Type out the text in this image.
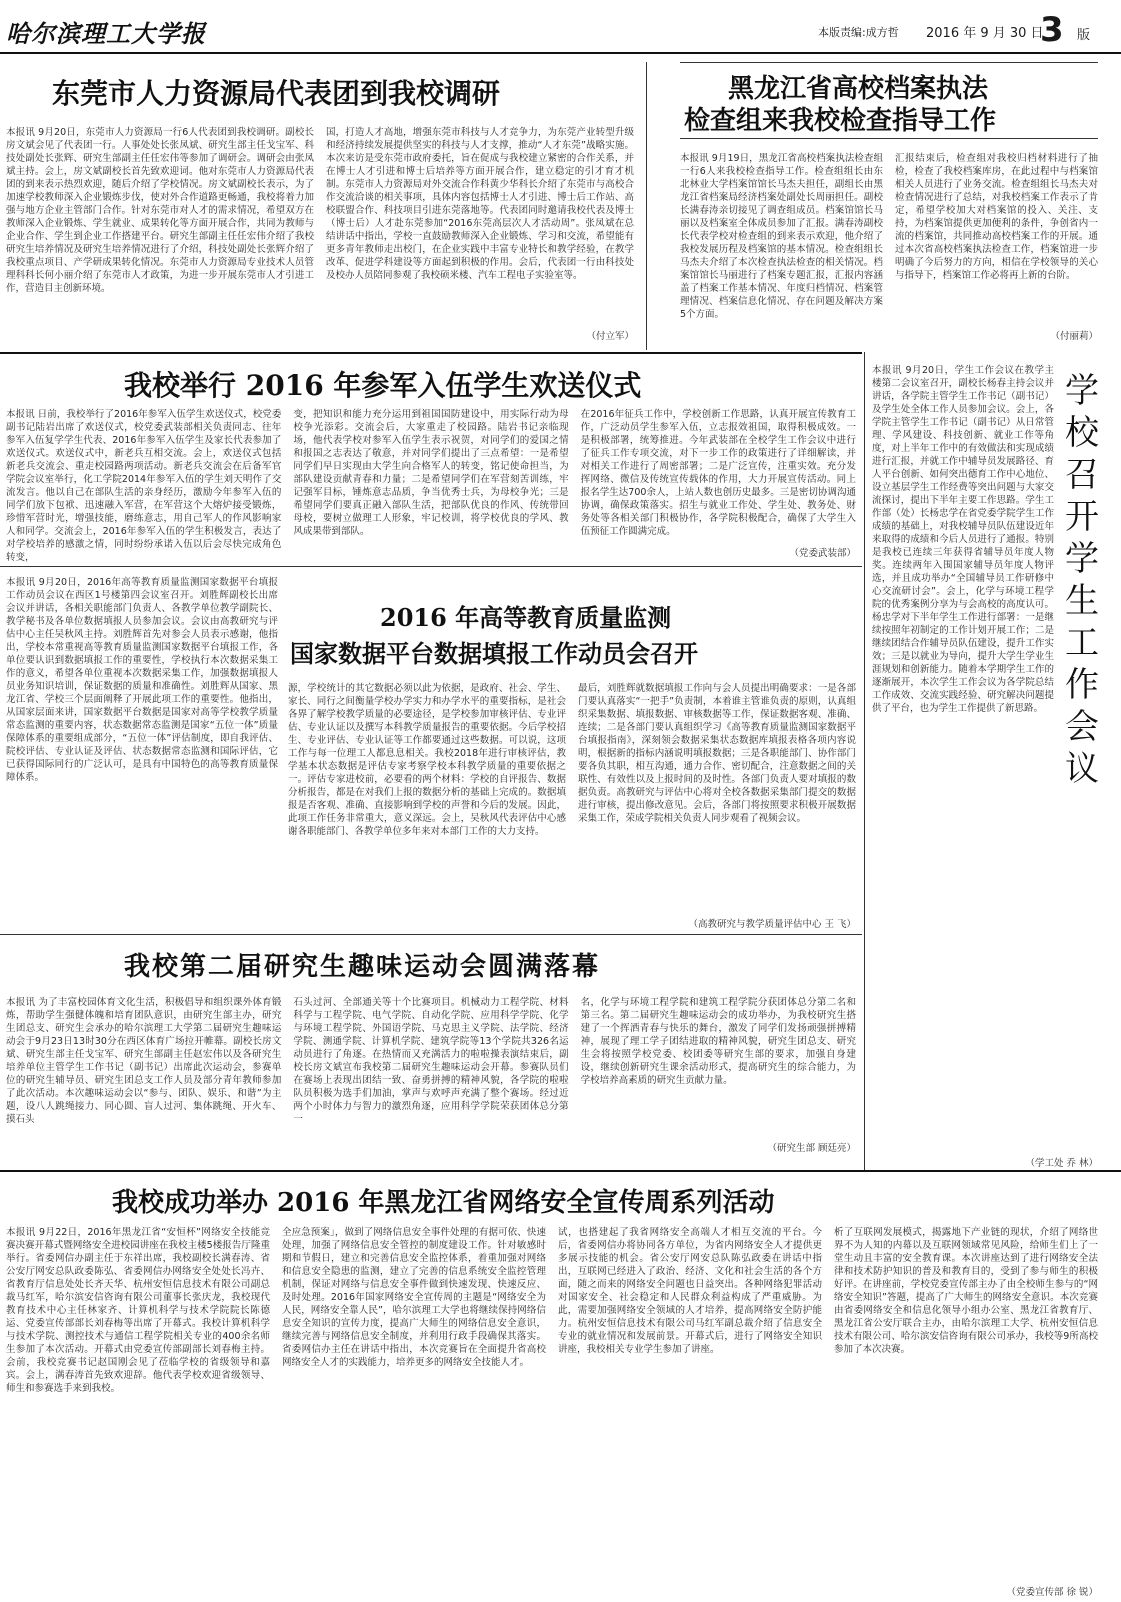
哈尔滨理工大学报	本版责编:成方哲 2016 年 9 月 30 日
3 版
东莞市人力资源局代表团到我校调研
本报讯 9月20日，东莞市人力资源局一行6人代表团到我校调研。副校长房文斌会见了代表团一行。人事处处长张凤斌、研究生部主任戈宝军、科技处副处长张辉、研究生部副主任任宏伟等参加了调研会。调研会由张凤斌主持。会上，房文斌副校长首先致欢迎词。他对东莞市人力资源局代表团的到来表示热烈欢迎，随后介绍了学校情况。房文斌副校长表示，为了加速学校教师深入企业锻炼步伐，使对外合作道路更畅通，我校将着力加强与地方企业主管部门合作。针对东莞市对人才的需求情况，希望双方在教师深入企业锻炼、学生就业、成果转化等方面开展合作，共同为教师与企业合作、学生到企业工作搭建平台。研究生部副主任任宏伟介绍了我校研究生培养情况及研究生培养情况进行了介绍，科技处副处长张辉介绍了我校重点项目、产学研成果转化情况。东莞市人力资源局专业技术人员管理科科长何小丽介绍了东莞市人才政策，为进一步开展东莞市人才引进工作，营造目主创新环境。
国，打造人才高地，增强东莞市科技与人才竞争力，为东莞产业转型升级和经济持续发展提供坚实的科技与人才支撑，推动“人才东莞”战略实施。本次来访是受东莞市政府委托，旨在促成与我校建立紧密的合作关系，并在博士人才引进和博士后培养等方面开展合作，建立稳定的引才育才机制。东莞市人力资源局对外交流合作科黄少华科长介绍了东莞市与高校合作交流洽谈的相关事项，具体内容包括博士人才引进、博士后工作站、高校联盟合作、科技项目引进东莞落地等。代表团同时邀请我校代表及博士（博士后）人才赴东莞参加“2016东莞高层次人才活动周”。张凤斌在总结讲话中指出，学校一直鼓励教师深入企业锻炼、学习和交流，希望能有更多青年教师走出校门，在企业实践中丰富专业特长和教学经验，在教学改革、促进学科建设等方面起到积极的作用。会后，代表团一行由科技处及校办人员陪同参观了我校硕米楼、汽车工程电子实验室等。
（付立军）
黑龙江省高校档案执法
检查组来我校检查指导工作
本报讯 9月19日，黑龙江省高校档案执法检查组一行6人来我校检查指导工作。检查组组长由东北林业大学档案馆馆长马杰夫担任，副组长由黑龙江省档案局经济档案处副处长周丽担任。副校长满春涛亲切接见了调查组成员。档案馆馆长马丽以及档案室全体成员参加了汇报。满春涛副校长代表学校对检查组的到来表示欢迎，他介绍了我校发展历程及档案馆的基本情况。检查组组长马杰夫介绍了本次检查执法检查的相关情况。档案馆馆长马丽进行了档案专题汇报，汇报内容涵盖了档案工作基本情况、年度归档情况、档案管理情况、档案信息化情况、存在问题及解决方案5个方面。
汇报结束后，检查组对我校归档材料进行了抽检，检查了我校档案库房，在此过程中与档案馆相关人员进行了业务交流。检查组组长马杰夫对检查情况进行了总结，对我校档案工作表示了肯定，希望学校加大对档案馆的投入、关注、支持，为档案馆提供更加便利的条件，争创省内一流的档案馆，共同推动高校档案工作的开展。通过本次省高校档案执法检查工作，档案馆进一步明确了今后努力的方向，相信在学校领导的关心与指导下，档案馆工作必将再上新的台阶。
（付丽莉）
我校举行 2016 年参军入伍学生欢送仪式
本报讯 日前，我校举行了2016年参军入伍学生欢送仪式，校党委副书记陆岩出席了欢送仪式，校党委武装部相关负责同志、往年参军入伍复学学生代表、2016年参军入伍学生及家长代表参加了欢送仪式。欢送仪式中，新老兵互相交流。会上，欢送仪式包括新老兵交流会、重走校园路两项活动。新老兵交流会在后备军官学院会议室举行，化工学院2014年参军入伍的学生刘天明作了交流发言。他以自己在部队生活的亲身经历，激励今年参军入伍的同学们放下包袱、迅速融入军营，在军营这个大熔炉接受锻炼，珍惜军营时光，增强技能，磨练意志，用自己军人的作风影响家人和同学。交流会上，2016年参军入伍的学生积极发言，表达了对学校培养的感激之情，同时纷纷承诺入伍以后会尽快完成角色转变，
变，把知识和能力充分运用到祖国国防建设中，用实际行动为母校争光添彩。交流会后，大家重走了校园路。陆岩书记亲临现场，他代表学校对参军入伍学生表示祝贺，对同学们的爱国之情和报国之志表达了敬意，并对同学们提出了三点希望：一是希望同学们早日实现由大学生向合格军人的转变，铭记使命担当，为部队建设贡献青春和力量；二是希望同学们在军营刻苦训练，牢记强军目标，锤炼意志品质，争当优秀士兵，为母校争光；三是希望同学们要真正融入部队生活，把部队优良的作风、传统带回母校，要树立做理工人形象，牢记校训，将学校优良的学风、教风成果带到部队。
在2016年征兵工作中，学校创新工作思路，认真开展宣传教育工作，广泛动员学生参军入伍，立志报效祖国，取得积极成效。一是积极部署，统筹推进。今年武装部在全校学生工作会议中进行了征兵工作专项交流，对下一步工作的政策进行了详细解读，并对相关工作进行了周密部署；二是广泛宣传，注重实效。充分发挥网络、微信及传统宣传载体的作用，大力开展宣传活动。同上报名学生达700余人，上站人数也创历史最多。三是密切协调沟通协调，确保政策落实。招生与就业工作处、学生处、教务处、财务处等各相关部门积极协作，各学院积极配合，确保了大学生入伍预征工作圆满完成。
（党委武装部）
学校召开学生工作会议
本报讯 9月20日，学生工作会议在教学主楼第二会议室召开，副校长杨春主持会议并讲话，各学院主管学生工作书记（副书记）及学生处全体工作人员参加会议。会上，各学院主管学生工作书记（副书记）从日常管理、学风建设、科技创新、就业工作等角度，对上半年工作中的有效做法和实现成绩进行汇报，并就工作中辅导员发展路径、育人平台创新、如何突出德育工作中心地位、设立基层学生工作经费等突出问题与大家交流探讨，提出下半年主要工作思路。学生工作部（处）长杨忠学在省党委学院学生工作成绩的基础上，对我校辅导员队伍建设近年来取得的成绩和今后人员进行了通报。特别是我校已连续三年获得省辅导员年度人物奖。连续两年入围国家辅导员年度人物评选，并且成功举办“全国辅导员工作研修中心交流研讨会”。会上，化学与环境工程学院的优秀案例分享为与会高校的高度认可。杨忠学对下半年学生工作进行部署：一是继续按照年初制定的工作计划开展工作；二是继续团结合作辅导员队伍建设，提升工作实效；三是以就业为导向，提升大学生学业生涯规划和创新能力。随着本学期学生工作的逐渐展开，本次学生工作会议为各学院总结工作成效、交流实践经验、研究解决问题提供了平台，也为学生工作提供了新思路。
（学工处 乔 林）
2016 年高等教育质量监测
国家数据平台数据填报工作动员会召开
本报讯 9月20日，2016年高等教育质量监测国家数据平台填报工作动员会议在西区1号楼第四会议室召开。刘胜辉副校长出席会议并讲话，各相关职能部门负责人、各教学单位教学副院长、教学秘书及各单位数据填报人员参加会议。会议由高教研究与评估中心主任吴秋风主持。刘胜辉首先对参会人员表示感谢，他指出，学校本常重视高等教育质量监测国家数据平台填报工作，各单位要认识到数据填报工作的重要性，学校执行本次数据采集工作的意义，希望各单位重视本次数据采集工作，加强数据填报人员业务知识培训，保证数据的质量和准确性。刘胜辉从国家、黑龙江省、学校三个层面阐释了开展此项工作的重要性。他指出，从国家层面来讲，国家数据平台数据是国家对高等学校教学质量常态监测的重要内容，状态数据常态监测是国家“五位一体”质量保障体系的重要组成部分，“五位一体”评估制度，即自我评估、院校评估、专业认证及评估、状态数据常态监测和国际评估，它已获得国际同行的广泛认可，是具有中国特色的高等教育质量保障体系。
源，学校统计的其它数据必须以此为依据，是政府、社会、学生、家长、同行之间衡量学校办学实力和办学水平的重要指标，是社会各界了解学校教学质量的必要途径，是学校参加审核评估、专业评估、专业认证以及撰写本科教学质量报告的重要依据。今后学校招生、专业评估、专业认证等工作都要通过这些数据。可以说，这项工作与每一位理工人都息息相关。我校2018年进行审核评估，教学基本状态数据是评估专家考察学校本科教学质量的重要依据之一。评估专家进校前，必要看的两个材料：学校的自评报告、数据分析报告，都是在对我们上报的数据分析的基础上完成的。数据填报是否客观、准确、直接影响到学校的声誉和今后的发展。因此，此项工作任务非常重大，意义深远。会上，吴秋风代表评估中心感谢各职能部门、各教学单位多年来对本部门工作的大力支持。
最后，刘胜辉就数据填报工作向与会人员提出明确要求：一是各部门要认真落实“一把手”负责制，本着谁主管谁负责的原则，认真组织采集数据、填报数据、审核数据等工作，保证数据客观、准确、连续；二是各部门要认真组织学习《高等教育质量监测国家数据平台填报指南》，深刻领会数据采集状态数据库填报表格各项内容说明，根据新的指标内涵说明填报数据；三是各职能部门、协作部门要各负其职，相互沟通，通力合作、密切配合，注意数据之间的关联性、有效性以及上报时间的及时性。各部门负责人要对填报的数据负责。高教研究与评估中心将对全校各数据采集部门提交的数据进行审核，提出修改意见。会后，各部门将按照要求积极开展数据采集工作，荣成学院相关负责人同步观看了视频会议。
（高教研究与教学质量评估中心 王 飞）
我校第二届研究生趣味运动会圆满落幕
本报讯 为了丰富校园体育文化生活，积极倡导和组织课外体育锻炼，帮助学生强健体魄和培育团队意识，由研究生部主办，研究生团总支、研究生会承办的哈尔滨理工大学第二届研究生趣味运动会于9月23日13时30分在西区体育广场拉开帷幕。副校长房文斌、研究生部主任戈宝军、研究生部副主任赵宏伟以及各研究生培养单位主管学生工作书记（副书记）出席此次运动会，参赛单位的研究生辅导员、研究生团总支工作人员及部分青年教师参加了此次活动。本次趣味运动会以“参与、团队、娱乐、和谐”为主题，设八人跳绳接力、同心圆、盲人过河、集体跳绳、开火车、摸石头
石头过河、全部通关等十个比赛项目。机械动力工程学院、材料科学与工程学院、电气学院、自动化学院、应用科学学院、化学与环境工程学院、外国语学院、马克思主义学院、法学院、经济学院、测通学院、计算机学院、建筑学院等13个学院共326名运动员进行了角逐。在热情而又充满活力的啦啦操表演结束后，副校长房文斌宣布我校第二届研究生趣味运动会开幕。参赛队员们在赛场上表现出团结一致、奋勇拼搏的精神风貌，各学院的啦啦队员积极为选手们加油，掌声与欢呼声充满了整个赛场。经过近两个小时体力与智力的激烈角逐，应用科学学院荣获团体总分第一
名，化学与环境工程学院和建筑工程学院分获团体总分第二名和第三名。第二届研究生趣味运动会的成功举办，为我校研究生搭建了一个挥洒青春与快乐的舞台，激发了同学们发扬顽强拼搏精神，展现了理工学子团结进取的精神风貌，研究生团总支、研究生会将按照学校党委、校团委等研究生部的要求，加强自身建设，继续创新研究生课余活动形式，提高研究生的综合能力，为学校培养高素质的研究生贡献力量。
（研究生部 顾廷亮）
我校成功举办 2016 年黑龙江省网络安全宣传周系列活动
本报讯 9月22日，2016年黑龙江省“安恒杯”网络安全技能竞赛决赛开幕式暨网络安全进校园讲座在我校主楼5楼报告厅隆重举行。省委网信办副主任于东祥出席，我校副校长满春涛、省公安厅网安总队政委陈弘、省委网信办网络安全处处长冯卉、省教育厅信息处处长齐天华、杭州安恒信息技术有限公司副总裁马红军，哈尔滨安信咨询有限公司董事长张庆龙，我校现代教育技术中心主任林家齐、计算机科学与技术学院院长陈德运、党委宣传部部长刘春梅等出席了开幕式。我校计算机科学与技术学院、测控技术与通信工程学院相关专业的400余名师生参加了本次活动。开幕式由党委宣传部副部长刘春梅主持。会前，我校竞赛书记赵国刚会见了莅临学校的省级领导和嘉宾。会上，满春涛首先致欢迎辞。他代表学校欢迎省级领导、师生和参赛选手来到我校。
全应急预案」，做到了网络信息安全事件处理的有据可依、快速处理，加强了网络信息安全管控的制度建设工作。针对敏感时期和节假日，建立和完善信息安全监控体系，着重加强对网络和信息安全隐患的监测，建立了完善的信息系统安全监控管理机制，保证对网络与信息安全事件做到快速发现、快速反应、及时处理。2016年国家网络安全宣传周的主题是“网络安全为人民，网络安全靠人民”，哈尔滨理工大学也将继续保持网络信息安全知识的宣传力度，提高广大师生的网络信息安全意识，继续完善与网络信息安全制度，并利用行政手段确保其落实。省委网信办主任在讲话中指出，本次竞赛旨在全面提升省高校网络安全人才的实践能力，培养更多的网络安全技能人才。
试，也搭建起了我省网络安全高端人才相互交流的平台。今后，省委网信办将协同各方单位，为省内网络安全人才提供更多展示技能的机会。省公安厅网安总队陈弘政委在讲话中指出，互联网已经进入了政治、经济、文化和社会生活的各个方面，随之而来的网络安全问题也日益突出。各种网络犯罪活动对国家安全、社会稳定和人民群众利益构成了严重威胁。为此，需要加强网络安全领域的人才培养，提高网络安全防护能力。杭州安恒信息技术有限公司马红军副总裁介绍了信息安全专业的就业情况和发展前景。开幕式后，进行了网络安全知识讲座，我校相关专业学生参加了讲座。
析了互联网发展模式，揭露地下产业链的现状，介绍了网络世界不为人知的内幕以及互联网领域常见风险，给师生们上了一堂生动且丰富的安全教育课。本次讲座达到了进行网络安全法律和技术防护知识的普及和教育目的，受到了参与师生的积极好评。在讲座前，学校党委宣传部主办了由全校师生参与的“网络安全知识”答题，提高了广大师生的网络安全意识。本次竞赛由省委网络安全和信息化领导小组办公室、黑龙江省教育厅、黑龙江省公安厅联合主办，由哈尔滨理工大学、杭州安恒信息技术有限公司、哈尔滨安信咨询有限公司承办，我校等9所高校参加了本次决赛。
（党委宣传部 徐 锐）
